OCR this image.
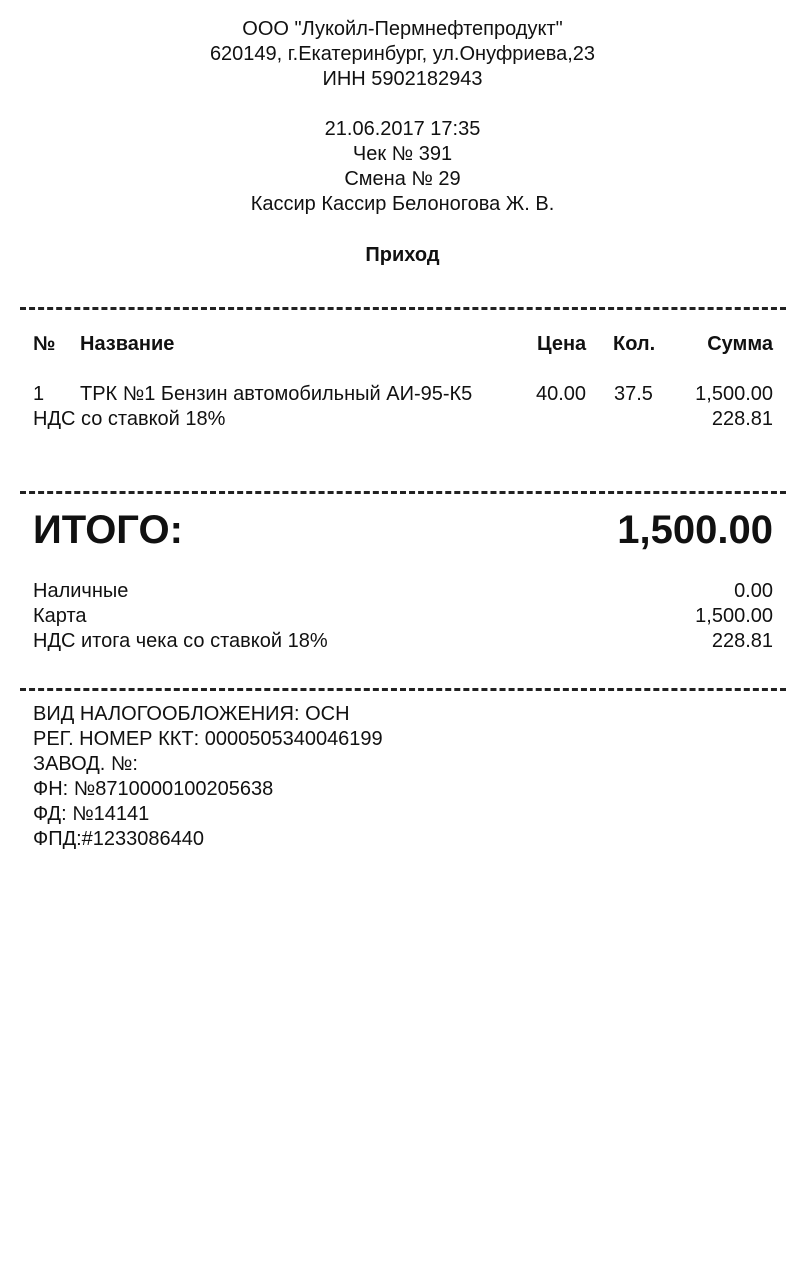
ООО "Лукойл-Пермнефтепродукт"
620149, г.Екатеринбург, ул.Онуфриева,23
ИНН 5902182943
21.06.2017 17:35
Чек № 391
Смена № 29
Кассир Кассир Белоногова Ж. В.
Приход
№ Название	Цена Кол.	Сумма
1 ТРК №1 Бензин автомобильный АИ-95-К5	40.00 37.5 1,500.00
НДС со ставкой 18%	228.81
ИТОГО:	1,500.00
Наличные	0.00
Карта	1,500.00
НДС итога чека со ставкой 18%	228.81
ВИД НАЛОГООБЛОЖЕНИЯ: ОСН
РЕГ. НОМЕР ККТ: 0000505340046199
ЗАВОД. №:
ФН: №8710000100205638
ФД: №14141
ФПД:#1233086440
